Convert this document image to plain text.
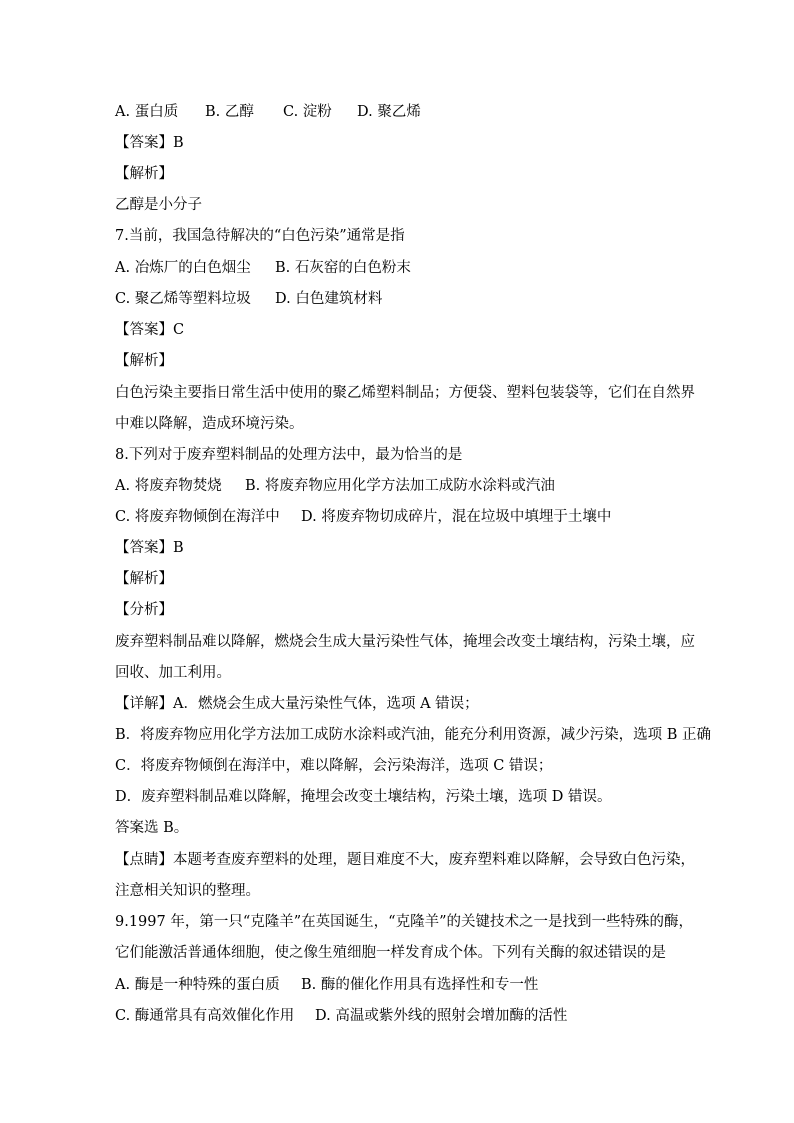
A. 蛋白质 B. 乙醇 C. 淀粉 D. 聚乙烯
【答案】B
【解析】
乙醇是小分子
7.当前，我国急待解决的“白色污染”通常是指
A. 冶炼厂的白色烟尘 B. 石灰窑的白色粉末
C. 聚乙烯等塑料垃圾 D. 白色建筑材料
【答案】C
【解析】
白色污染主要指日常生活中使用的聚乙烯塑料制品；方便袋、塑料包装袋等，它们在自然界
中难以降解，造成环境污染。
8.下列对于废弃塑料制品的处理方法中，最为恰当的是
A. 将废弃物焚烧 B. 将废弃物应用化学方法加工成防水涂料或汽油
C. 将废弃物倾倒在海洋中 D. 将废弃物切成碎片，混在垃圾中填埋于土壤中
【答案】B
【解析】
【分析】
废弃塑料制品难以降解，燃烧会生成大量污染性气体，掩埋会改变土壤结构，污染土壤，应
回收、加工利用。
【详解】A．燃烧会生成大量污染性气体，选项 A 错误；
B．将废弃物应用化学方法加工成防水涂料或汽油，能充分利用资源，减少污染，选项 B 正确
C．将废弃物倾倒在海洋中，难以降解，会污染海洋，选项 C 错误；
D．废弃塑料制品难以降解，掩埋会改变土壤结构，污染土壤，选项 D 错误。
答案选 B。
【点睛】本题考查废弃塑料的处理，题目难度不大，废弃塑料难以降解，会导致白色污染，
注意相关知识的整理。
9.1997 年，第一只“克隆羊”在英国诞生，“克隆羊”的关键技术之一是找到一些特殊的酶，
它们能激活普通体细胞，使之像生殖细胞一样发育成个体。下列有关酶的叙述错误的是
A. 酶是一种特殊的蛋白质 B. 酶的催化作用具有选择性和专一性
C. 酶通常具有高效催化作用 D. 高温或紫外线的照射会增加酶的活性
